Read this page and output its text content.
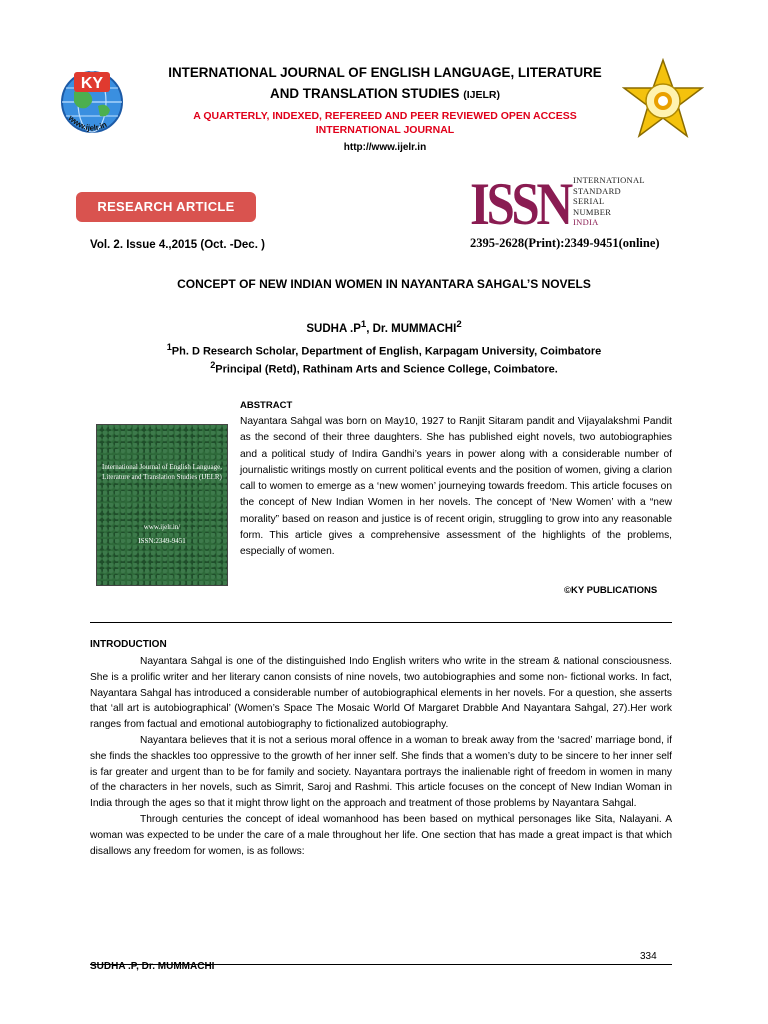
KY
www.ijelr.in
INTERNATIONAL JOURNAL OF ENGLISH LANGUAGE, LITERATURE
AND TRANSLATION STUDIES (IJELR)
A QUARTERLY, INDEXED, REFEREED AND PEER REVIEWED OPEN ACCESS
INTERNATIONAL JOURNAL
http://www.ijelr.in
RESEARCH ARTICLE	ISSN INTERNATIONAL
STANDARD
SERIAL
NUMBER
INDIA
2395-2628(Print):2349-9451(online)
Vol. 2. Issue 4.,2015 (Oct. -Dec. )
CONCEPT OF NEW INDIAN WOMEN IN NAYANTARA SAHGAL’S NOVELS
SUDHA $.P^1$, Dr. MUMMACHI$^2$
$^1$Ph. D Research Scholar, Department of English, Karpagam University, Coimbatore
$^2$Principal (Retd), Rathinam Arts and Science College, Coimbatore.
International Journal of English Language, Literature and Translation Studies (IJELR)
www.ijelr.in/
ISSN:2349-9451
ABSTRACT
Nayantara Sahgal was born on May10, 1927 to Ranjit Sitaram pandit and Vijayalakshmi Pandit as the second of their three daughters. She has published eight novels, two autobiographies and a political study of Indira Gandhi’s years in power along with a considerable number of journalistic writings mostly on current political events and the position of women, giving a clarion call to women to emerge as a ‘new women’ journeying towards freedom. This article focuses on the concept of New Indian Women in her novels. The concept of ‘New Women’ with a “new morality” based on reason and justice is of recent origin, struggling to grow into any reasonable form. This article gives a comprehensive assessment of the highlights of the problems, especially of women.
©KY PUBLICATIONS
INTRODUCTION

Nayantara Sahgal is one of the distinguished Indo English writers who write in the stream & national consciousness. She is a prolific writer and her literary canon consists of nine novels, two autobiographies and some non- fictional works. In fact, Nayantara Sahgal has introduced a considerable number of autobiographical elements in her novels. For a question, she asserts that ‘all art is autobiographical’ (Women’s Space The Mosaic World Of Margaret Drabble And Nayantara Sahgal, 27).Her work ranges from factual and emotional autobiography to fictionalized autobiography.

Nayantara believes that it is not a serious moral offence in a woman to break away from the ‘sacred’ marriage bond, if she finds the shackles too oppressive to the growth of her inner self. She finds that a women’s duty to be sincere to her inner self is far greater and urgent than to be for family and society. Nayantara portrays the inalienable right of freedom in women in many of the characters in her novels, such as Simrit, Saroj and Rashmi. This article focuses on the concept of New Indian Woman in India through the ages so that it might throw light on the approach and treatment of those problems by Nayantara Sahgal.

Through centuries the concept of ideal womanhood has been based on mythical personages like Sita, Nalayani. A woman was expected to be under the care of a male throughout her life. One section that has made a great impact is that which disallows any freedom for women, is as follows:

334
SUDHA .P, Dr. MUMMACHI
